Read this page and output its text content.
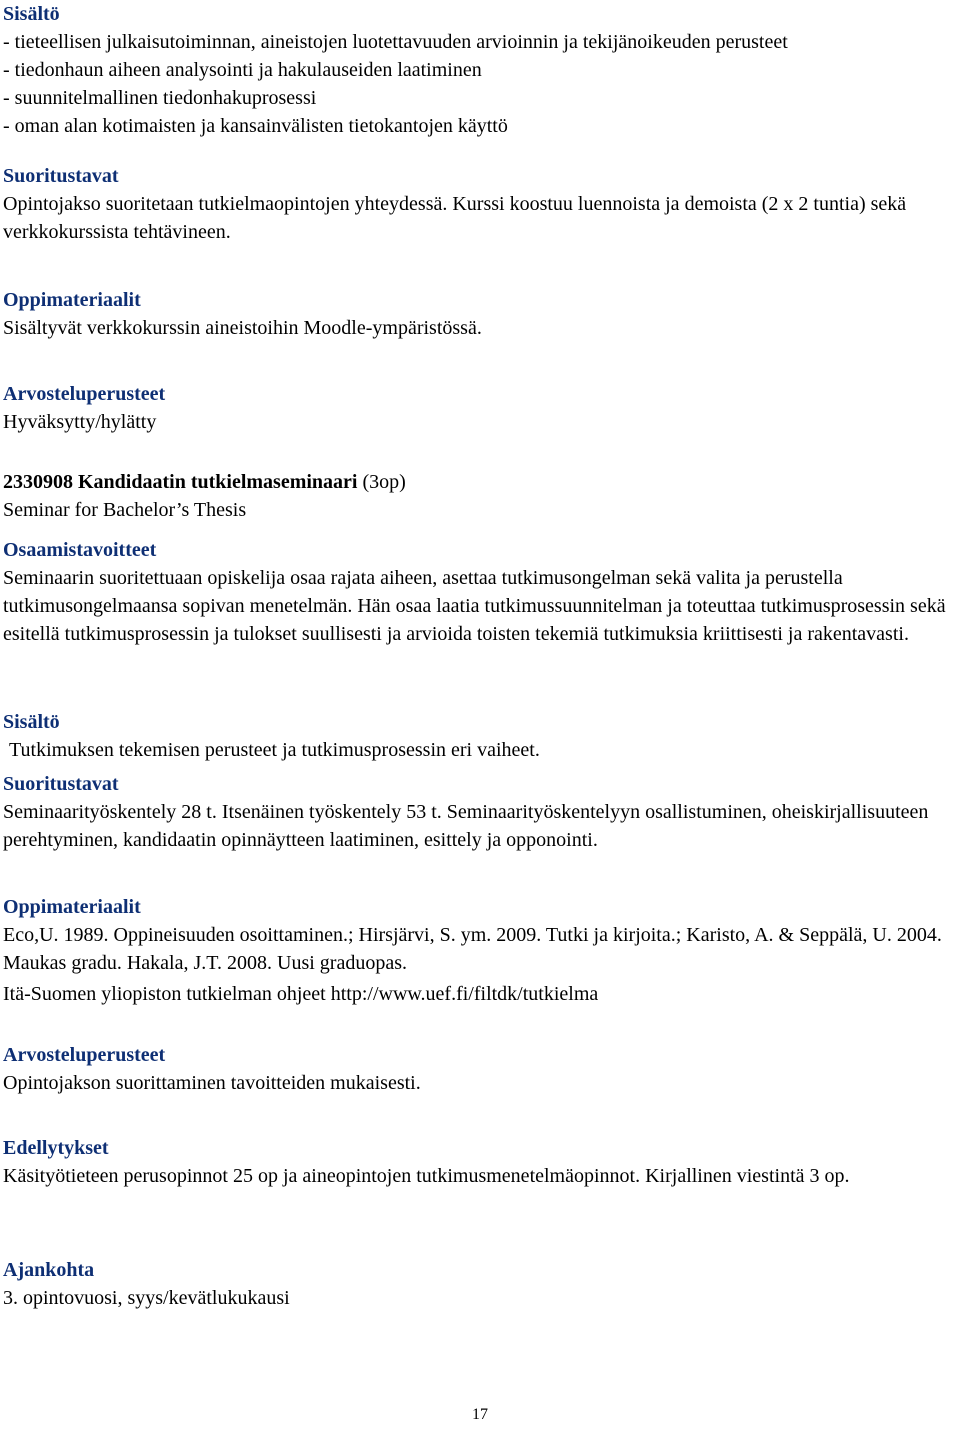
Sisältö
- tieteellisen julkaisutoiminnan, aineistojen luotettavuuden arvioinnin ja tekijänoikeuden perusteet
- tiedonhaun aiheen analysointi ja hakulauseiden laatiminen
- suunnitelmallinen tiedonhakuprosessi
- oman alan kotimaisten ja kansainvälisten tietokantojen käyttö
Suoritustavat
Opintojakso suoritetaan tutkielmaopintojen yhteydessä. Kurssi koostuu luennoista ja demoista (2 x 2 tuntia) sekä verkkokurssista tehtävineen.
Oppimateriaalit
Sisältyvät verkkokurssin aineistoihin Moodle-ympäristössä.
Arvosteluperusteet
Hyväksytty/hylätty
2330908 Kandidaatin tutkielmaseminaari (3op)
Seminar for Bachelor’s Thesis
Osaamistavoitteet
Seminaarin suoritettuaan opiskelija osaa rajata aiheen, asettaa tutkimusongelman sekä valita ja perustella tutkimusongelmaansa sopivan menetelmän. Hän osaa laatia tutkimussuunnitelman ja toteuttaa tutkimusprosessin sekä esitellä tutkimusprosessin ja tulokset suullisesti ja arvioida toisten tekemiä tutkimuksia kriittisesti ja rakentavasti.
Sisältö
Tutkimuksen tekemisen perusteet ja tutkimusprosessin eri vaiheet.
Suoritustavat
Seminaarityöskentely 28 t. Itsenäinen työskentely 53 t. Seminaarityöskentelyyn osallistuminen, oheiskirjallisuuteen perehtyminen, kandidaatin opinnäytteen laatiminen, esittely ja opponointi.
Oppimateriaalit
Eco,U. 1989. Oppineisuuden osoittaminen.; Hirsjärvi, S. ym. 2009. Tutki ja kirjoita.; Karisto, A. & Seppälä, U. 2004. Maukas gradu. Hakala, J.T. 2008. Uusi graduopas.
Itä-Suomen yliopiston tutkielman ohjeet http://www.uef.fi/filtdk/tutkielma
Arvosteluperusteet
Opintojakson suorittaminen tavoitteiden mukaisesti.
Edellytykset
Käsityötieteen perusopinnot 25 op ja aineopintojen tutkimusmenetelmäopinnot. Kirjallinen viestintä 3 op.
Ajankohta
3. opintovuosi, syys/kevätlukukausi
17
